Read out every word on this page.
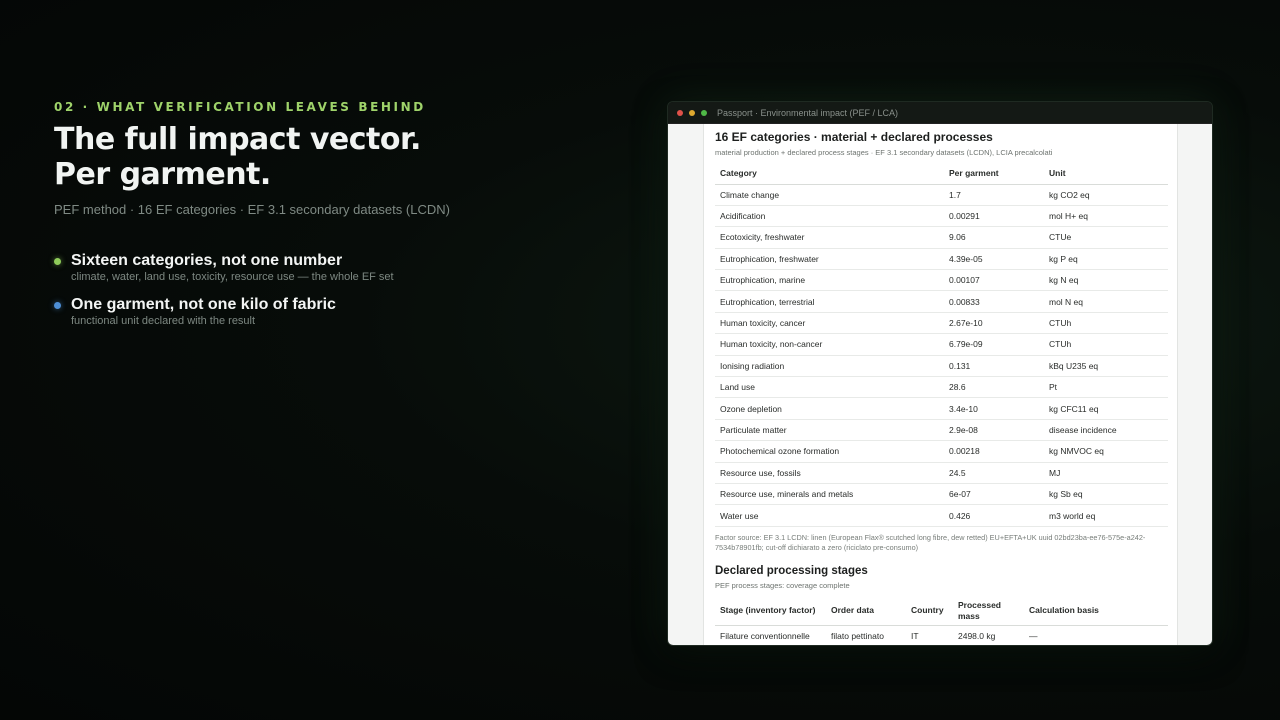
02 · WHAT VERIFICATION LEAVES BEHIND
The full impact vector.
Per garment.
PEF method · 16 EF categories · EF 3.1 secondary datasets (LCDN)
Sixteen categories, not one number
climate, water, land use, toxicity, resource use — the whole EF set
One garment, not one kilo of fabric
functional unit declared with the result
Passport · Environmental impact (PEF / LCA)
16 EF categories · material + declared processes
material production + declared process stages · EF 3.1 secondary datasets (LCDN), LCIA precalcolati
Category	Per garment	Unit
Climate change	1.7	kg CO2 eq
Acidification	0.00291	mol H+ eq
Ecotoxicity, freshwater	9.06	CTUe
Eutrophication, freshwater	4.39e-05	kg P eq
Eutrophication, marine	0.00107	kg N eq
Eutrophication, terrestrial	0.00833	mol N eq
Human toxicity, cancer	2.67e-10	CTUh
Human toxicity, non-cancer	6.79e-09	CTUh
Ionising radiation	0.131	kBq U235 eq
Land use	28.6	Pt
Ozone depletion	3.4e-10	kg CFC11 eq
Particulate matter	2.9e-08	disease incidence
Photochemical ozone formation	0.00218	kg NMVOC eq
Resource use, fossils	24.5	MJ
Resource use, minerals and metals	6e-07	kg Sb eq
Water use	0.426	m3 world eq
Factor source: EF 3.1 LCDN: linen (European Flax® scutched long fibre, dew retted) EU+EFTA+UK uuid 02bd23ba-ee76-575e-a242-7534b78901fb; cut-off dichiarato a zero (riciclato pre-consumo)
Declared processing stages
PEF process stages: coverage complete
Stage (inventory factor)	Order data	Country	Processed mass	Calculation basis
Filature conventionnelle	filato pettinato	IT	2498.0 kg	—
